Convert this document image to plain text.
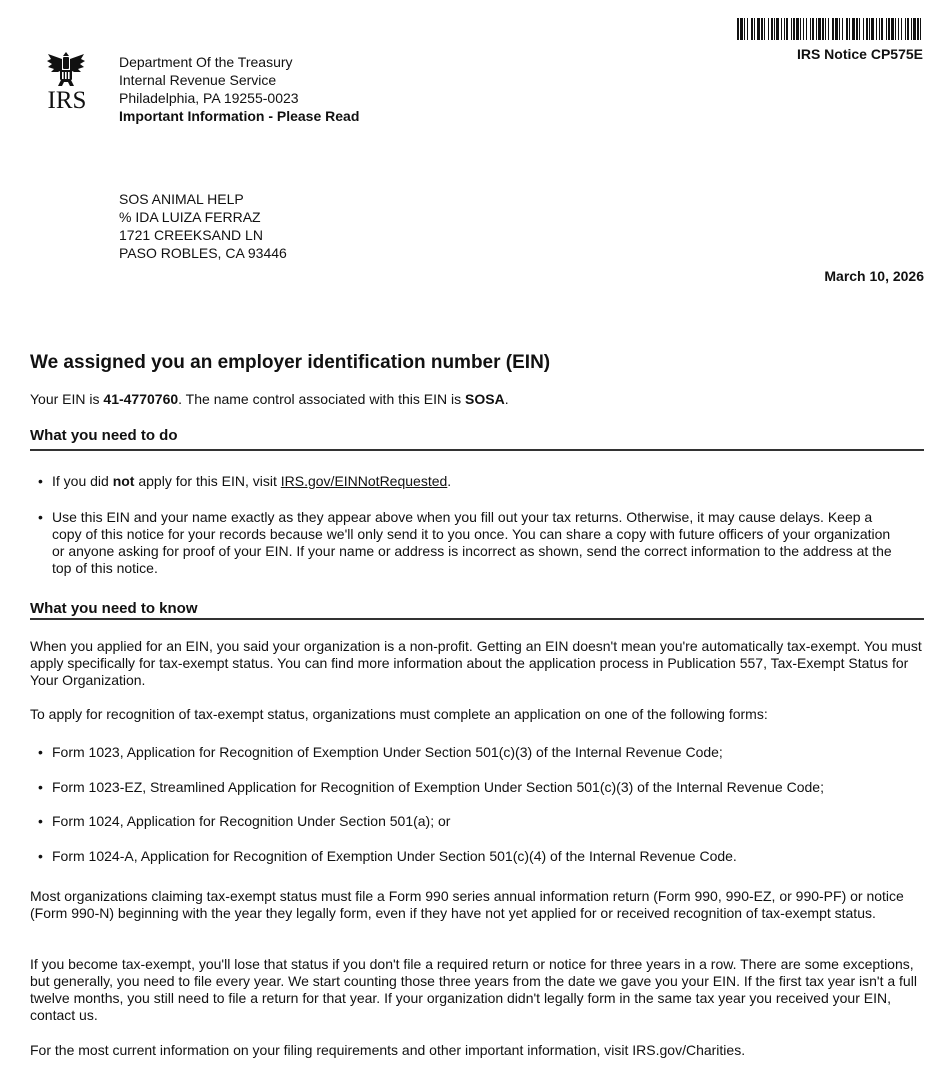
IRS Notice CP575E
IRS
Department Of the Treasury
Internal Revenue Service
Philadelphia, PA 19255-0023
Important Information - Please Read
SOS ANIMAL HELP
% IDA LUIZA FERRAZ
1721 CREEKSAND LN
PASO ROBLES, CA 93446
March 10, 2026
We assigned you an employer identification number (EIN)
Your EIN is 41-4770760. The name control associated with this EIN is SOSA.
What you need to do
• If you did not apply for this EIN, visit IRS.gov/EINNotRequested.
• Use this EIN and your name exactly as they appear above when you fill out your tax returns. Otherwise, it may cause delays. Keep a copy of this notice for your records because we'll only send it to you once. You can share a copy with future officers of your organization or anyone asking for proof of your EIN. If your name or address is incorrect as shown, send the correct information to the address at the top of this notice.
What you need to know
When you applied for an EIN, you said your organization is a non-profit. Getting an EIN doesn't mean you're automatically tax-exempt. You must apply specifically for tax-exempt status. You can find more information about the application process in Publication 557, Tax-Exempt Status for Your Organization.
To apply for recognition of tax-exempt status, organizations must complete an application on one of the following forms:
• Form 1023, Application for Recognition of Exemption Under Section 501(c)(3) of the Internal Revenue Code;
• Form 1023-EZ, Streamlined Application for Recognition of Exemption Under Section 501(c)(3) of the Internal Revenue Code;
• Form 1024, Application for Recognition Under Section 501(a); or
• Form 1024-A, Application for Recognition of Exemption Under Section 501(c)(4) of the Internal Revenue Code.
Most organizations claiming tax-exempt status must file a Form 990 series annual information return (Form 990, 990-EZ, or 990-PF) or notice (Form 990-N) beginning with the year they legally form, even if they have not yet applied for or received recognition of tax-exempt status.
If you become tax-exempt, you'll lose that status if you don't file a required return or notice for three years in a row. There are some exceptions, but generally, you need to file every year. We start counting those three years from the date we gave you your EIN. If the first tax year isn't a full twelve months, you still need to file a return for that year. If your organization didn't legally form in the same tax year you received your EIN, contact us.
For the most current information on your filing requirements and other important information, visit IRS.gov/Charities.
